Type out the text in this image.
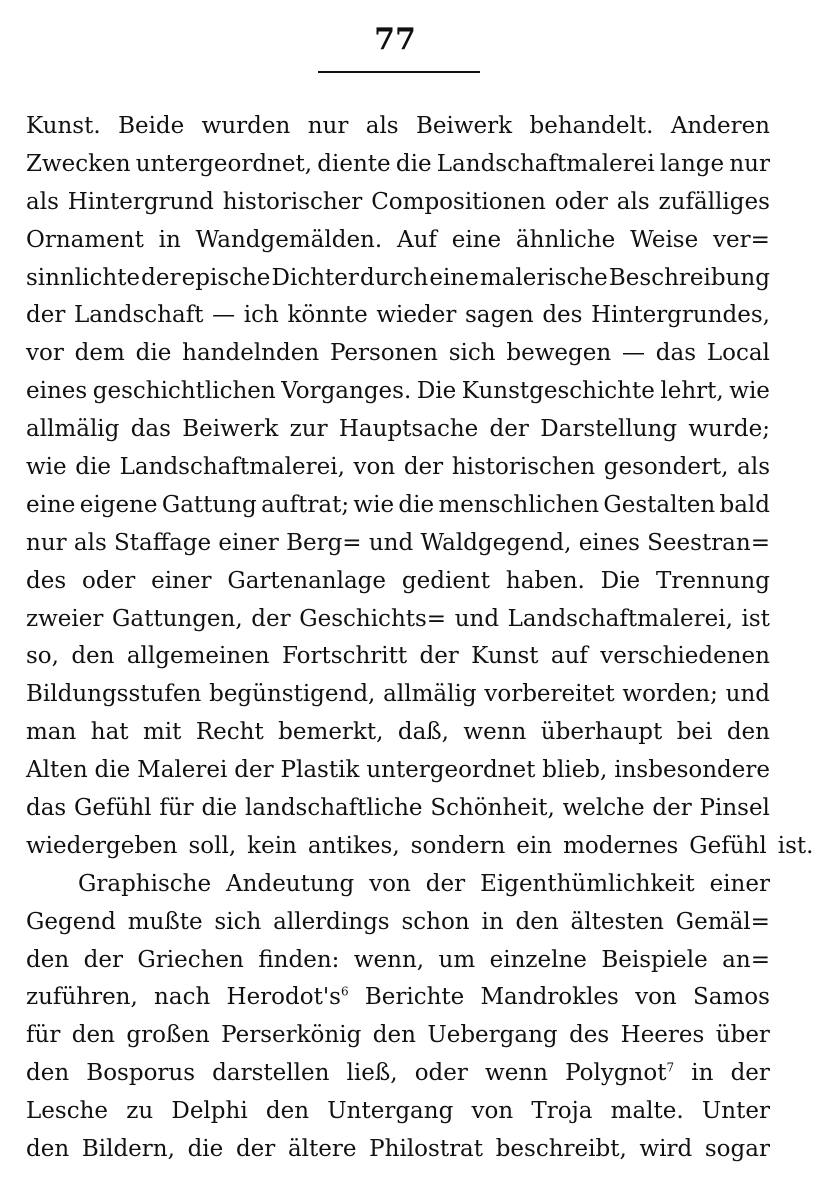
77
Kunst. Beide wurden nur als Beiwerk behandelt. Anderen
Zwecken untergeordnet, diente die Landschaftmalerei lange nur
als Hintergrund historischer Compositionen oder als zufälliges
Ornament in Wandgemälden. Auf eine ähnliche Weise ver=
sinnlichte der epische Dichter durch eine malerische Beschreibung
der Landschaft — ich könnte wieder sagen des Hintergrundes,
vor dem die handelnden Personen sich bewegen — das Local
eines geschichtlichen Vorganges. Die Kunstgeschichte lehrt, wie
allmälig das Beiwerk zur Hauptsache der Darstellung wurde;
wie die Landschaftmalerei, von der historischen gesondert, als
eine eigene Gattung auftrat; wie die menschlichen Gestalten bald
nur als Staffage einer Berg= und Waldgegend, eines Seestran=
des oder einer Gartenanlage gedient haben. Die Trennung
zweier Gattungen, der Geschichts= und Landschaftmalerei, ist
so, den allgemeinen Fortschritt der Kunst auf verschiedenen
Bildungsstufen begünstigend, allmälig vorbereitet worden; und
man hat mit Recht bemerkt, daß, wenn überhaupt bei den
Alten die Malerei der Plastik untergeordnet blieb, insbesondere
das Gefühl für die landschaftliche Schönheit, welche der Pinsel
wiedergeben soll, kein antikes, sondern ein modernes Gefühl ist.
Graphische Andeutung von der Eigenthümlichkeit einer
Gegend mußte sich allerdings schon in den ältesten Gemäl=
den der Griechen finden: wenn, um einzelne Beispiele an=
zuführen, nach $Herodot's^6$ Berichte Mandrokles von Samos
für den großen Perserkönig den Uebergang des Heeres über
den Bosporus darstellen ließ, oder wenn Polygnot$^7$ in der
Lesche zu Delphi den Untergang von Troja malte. Unter
den Bildern, die der ältere Philostrat beschreibt, wird sogar
